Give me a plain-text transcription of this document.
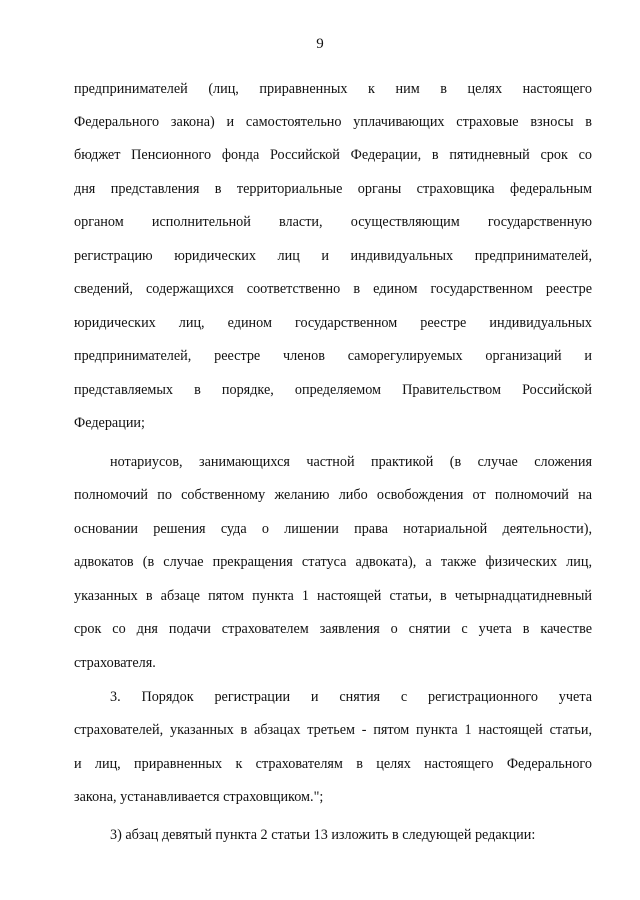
9
предпринимателей (лиц, приравненных к ним в целях настоящего
Федерального закона) и самостоятельно уплачивающих страховые взносы в
бюджет Пенсионного фонда Российской Федерации, в пятидневный срок со
дня представления в территориальные органы страховщика федеральным
органом исполнительной власти, осуществляющим государственную
регистрацию юридических лиц и индивидуальных предпринимателей,
сведений, содержащихся соответственно в едином государственном реестре
юридических лиц, едином государственном реестре индивидуальных
предпринимателей, реестре членов саморегулируемых организаций и
представляемых в порядке, определяемом Правительством Российской
Федерации;
нотариусов, занимающихся частной практикой (в случае сложения
полномочий по собственному желанию либо освобождения от полномочий на
основании решения суда о лишении права нотариальной деятельности),
адвокатов (в случае прекращения статуса адвоката), а также физических лиц,
указанных в абзаце пятом пункта 1 настоящей статьи, в четырнадцатидневный
срок со дня подачи страхователем заявления о снятии с учета в качестве
страхователя.
3. Порядок регистрации и снятия с регистрационного учета
страхователей, указанных в абзацах третьем - пятом пункта 1 настоящей статьи,
и лиц, приравненных к страхователям в целях настоящего Федерального
закона, устанавливается страховщиком.";
3) абзац девятый пункта 2 статьи 13 изложить в следующей редакции:
